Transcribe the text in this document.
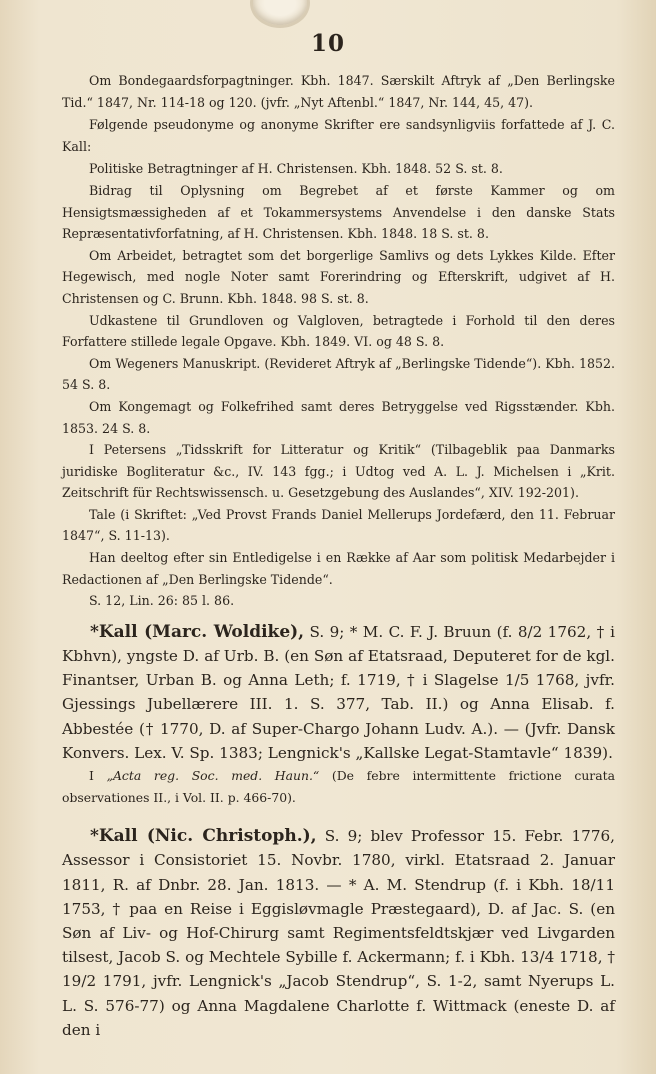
10

Om Bondegaardsforpagtninger. Kbh. 1847. Særskilt Aftryk af „Den Berlingske Tid.“ 1847, Nr. 114-18 og 120. (jvfr. „Nyt Aftenbl.“ 1847, Nr. 144, 45, 47).

Følgende pseudonyme og anonyme Skrifter ere sandsynligviis forfattede af J. C. Kall:

Politiske Betragtninger af H. Christensen. Kbh. 1848. 52 S. st. 8.

Bidrag til Oplysning om Begrebet af et første Kammer og om Hensigtsmæssigheden af et Tokammersystems Anvendelse i den danske Stats Repræsentativforfatning, af H. Christensen. Kbh. 1848. 18 S. st. 8.

Om Arbeidet, betragtet som det borgerlige Samlivs og dets Lykkes Kilde. Efter Hegewisch, med nogle Noter samt Forerindring og Efterskrift, udgivet af H. Christensen og C. Brunn. Kbh. 1848. 98 S. st. 8.

Udkastene til Grundloven og Valgloven, betragtede i Forhold til den deres Forfattere stillede legale Opgave. Kbh. 1849. VI. og 48 S. 8.

Om Wegeners Manuskript. (Revideret Aftryk af „Berlingske Tidende“). Kbh. 1852. 54 S. 8.

Om Kongemagt og Folkefrihed samt deres Betryggelse ved Rigsstænder. Kbh. 1853. 24 S. 8.

I Petersens „Tidsskrift for Litteratur og Kritik“ (Tilbageblik paa Danmarks juridiske Bogliteratur &c., IV. 143 fgg.; i Udtog ved A. L. J. Michelsen i „Krit. Zeitschrift für Rechtswissensch. u. Gesetzgebung des Auslandes“, XIV. 192-201).

Tale (i Skriftet: „Ved Provst Frands Daniel Mellerups Jordefærd, den 11. Februar 1847“, S. 11-13).

Han deeltog efter sin Entledigelse i en Række af Aar som politisk Medarbejder i Redactionen af „Den Berlingske Tidende“.

S. 12, Lin. 26: 85 l. 86.

*Kall (Marc. Woldike), S. 9; * M. C. F. J. Bruun (f. 8/2 1762, † i Kbhvn), yngste D. af Urb. B. (en Søn af Etatsraad, Deputeret for de kgl. Finantser, Urban B. og Anna Leth; f. 1719, † i Slagelse 1/5 1768, jvfr. Gjessings Jubellærere III. 1. S. 377, Tab. II.) og Anna Elisab. f. Abbestée († 1770, D. af Super-Chargo Johann Ludv. A.). — (Jvfr. Dansk Konvers. Lex. V. Sp. 1383; Lengnick's „Kallske Legat-Stamtavle“ 1839).

I „Acta reg. Soc. med. Haun.“ (De febre intermittente frictione curata observationes II., i Vol. II. p. 466-70).

*Kall (Nic. Christoph.), S. 9; blev Professor 15. Febr. 1776, Assessor i Consistoriet 15. Novbr. 1780, virkl. Etatsraad 2. Januar 1811, R. af Dnbr. 28. Jan. 1813. — * A. M. Stendrup (f. i Kbh. 18/11 1753, † paa en Reise i Eggisløvmagle Præstegaard), D. af Jac. S. (en Søn af Liv- og Hof-Chirurg samt Regimentsfeldtskjær ved Livgarden tilsest, Jacob S. og Mechtele Sybille f. Ackermann; f. i Kbh. 13/4 1718, † 19/2 1791, jvfr. Lengnick's „Jacob Stendrup“, S. 1-2, samt Nyerups L. L. S. 576-77) og Anna Magdalene Charlotte f. Wittmack (eneste D. af den i
